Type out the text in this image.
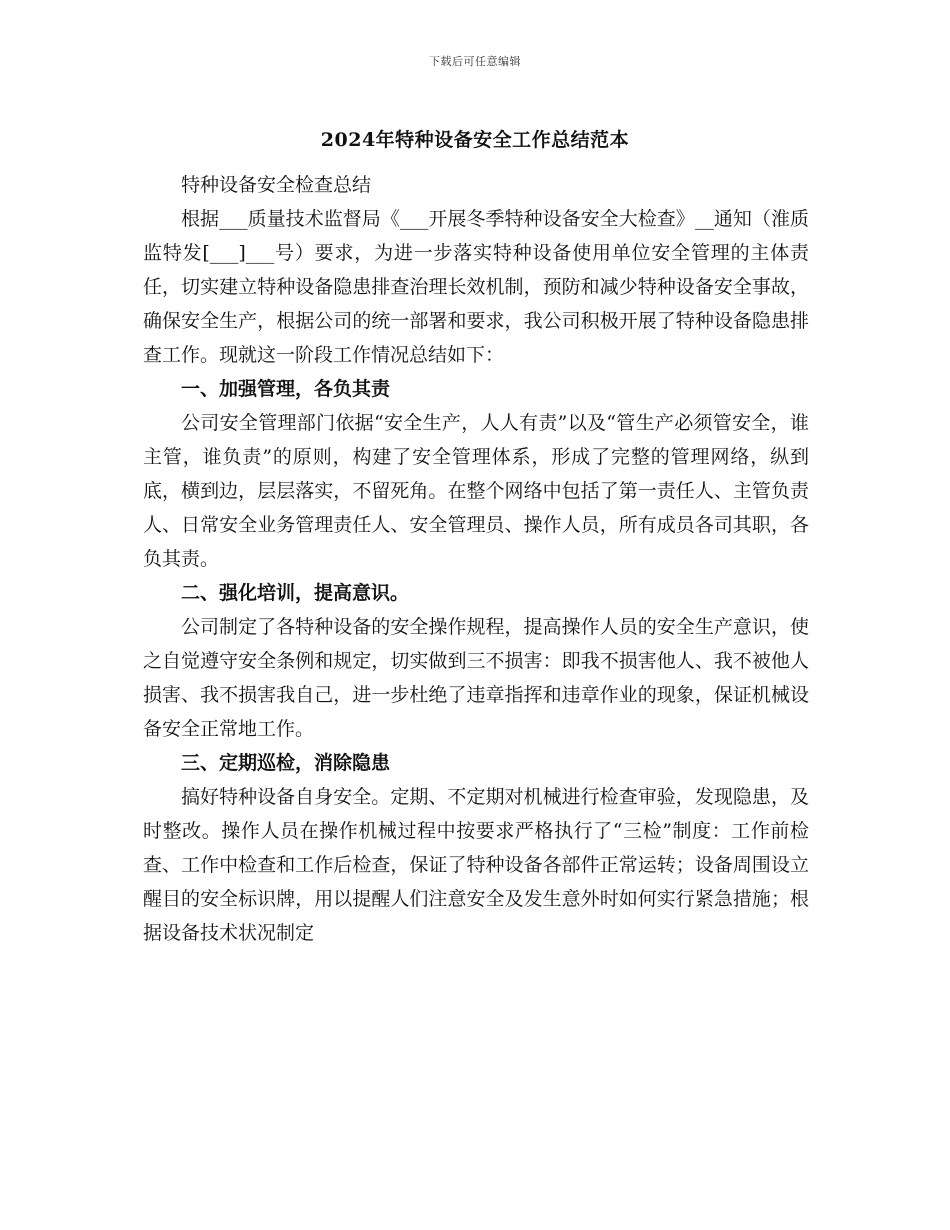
下载后可任意编辑
2024年特种设备安全工作总结范本

特种设备安全检查总结

根据___质量技术监督局《___开展冬季特种设备安全大检查》__通知（淮质监特发[___]___号）要求，为进一步落实特种设备使用单位安全管理的主体责任，切实建立特种设备隐患排查治理长效机制，预防和减少特种设备安全事故，确保安全生产，根据公司的统一部署和要求，我公司积极开展了特种设备隐患排查工作。现就这一阶段工作情况总结如下：

一、加强管理，各负其责

公司安全管理部门依据“安全生产，人人有责”以及“管生产必须管安全，谁主管，谁负责”的原则，构建了安全管理体系，形成了完整的管理网络，纵到底，横到边，层层落实，不留死角。在整个网络中包括了第一责任人、主管负责人、日常安全业务管理责任人、安全管理员、操作人员，所有成员各司其职，各负其责。

二、强化培训，提高意识。

公司制定了各特种设备的安全操作规程，提高操作人员的安全生产意识，使之自觉遵守安全条例和规定，切实做到三不损害：即我不损害他人、我不被他人损害、我不损害我自己，进一步杜绝了违章指挥和违章作业的现象，保证机械设备安全正常地工作。

三、定期巡检，消除隐患

搞好特种设备自身安全。定期、不定期对机械进行检查审验，发现隐患，及时整改。操作人员在操作机械过程中按要求严格执行了“三检”制度：工作前检查、工作中检查和工作后检查，保证了特种设备各部件正常运转；设备周围设立醒目的安全标识牌，用以提醒人们注意安全及发生意外时如何实行紧急措施；根据设备技术状况制定
